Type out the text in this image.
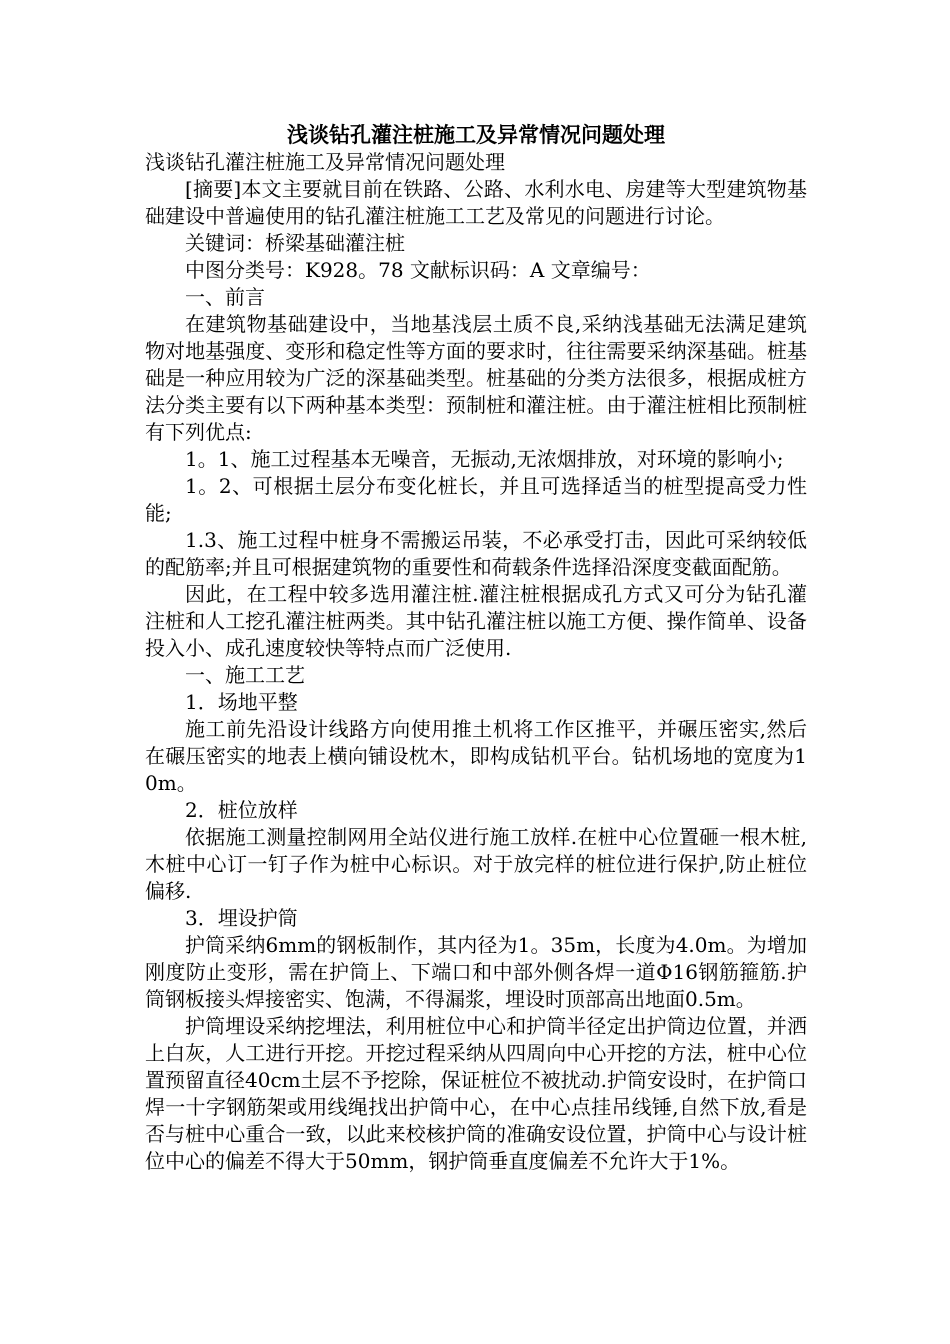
浅谈钻孔灌注桩施工及异常情况问题处理

浅谈钻孔灌注桩施工及异常情况问题处理

[摘要]本文主要就目前在铁路、公路、水利水电、房建等大型建筑物基础建设中普遍使用的钻孔灌注桩施工工艺及常见的问题进行讨论。

关键词：桥梁基础灌注桩

中图分类号：K928。78 文献标识码：A 文章编号：

一、前言

在建筑物基础建设中，当地基浅层土质不良,采纳浅基础无法满足建筑物对地基强度、变形和稳定性等方面的要求时，往往需要采纳深基础。桩基础是一种应用较为广泛的深基础类型。桩基础的分类方法很多，根据成桩方法分类主要有以下两种基本类型：预制桩和灌注桩。由于灌注桩相比预制桩有下列优点:

1。1、施工过程基本无噪音，无振动,无浓烟排放，对环境的影响小;

1。2、可根据土层分布变化桩长，并且可选择适当的桩型提高受力性能;

1.3、施工过程中桩身不需搬运吊装，不必承受打击，因此可采纳较低的配筋率;并且可根据建筑物的重要性和荷载条件选择沿深度变截面配筋。

因此，在工程中较多选用灌注桩.灌注桩根据成孔方式又可分为钻孔灌注桩和人工挖孔灌注桩两类。其中钻孔灌注桩以施工方便、操作简单、设备投入小、成孔速度较快等特点而广泛使用.

一、施工工艺

1．场地平整

施工前先沿设计线路方向使用推土机将工作区推平，并碾压密实,然后在碾压密实的地表上横向铺设枕木，即构成钻机平台。钻机场地的宽度为10m。

2．桩位放样

依据施工测量控制网用全站仪进行施工放样.在桩中心位置砸一根木桩,木桩中心订一钉子作为桩中心标识。对于放完样的桩位进行保护,防止桩位偏移.

3．埋设护筒

护筒采纳6mm的钢板制作，其内径为1。35m，长度为4.0m。为增加刚度防止变形，需在护筒上、下端口和中部外侧各焊一道Φ16钢筋箍筋.护筒钢板接头焊接密实、饱满，不得漏浆，埋设时顶部高出地面0.5m。

护筒埋设采纳挖埋法，利用桩位中心和护筒半径定出护筒边位置，并洒上白灰，人工进行开挖。开挖过程采纳从四周向中心开挖的方法，桩中心位置预留直径40cm土层不予挖除，保证桩位不被扰动.护筒安设时，在护筒口焊一十字钢筋架或用线绳找出护筒中心，在中心点挂吊线锤,自然下放,看是否与桩中心重合一致，以此来校核护筒的准确安设位置，护筒中心与设计桩位中心的偏差不得大于50mm，钢护筒垂直度偏差不允许大于1%。
